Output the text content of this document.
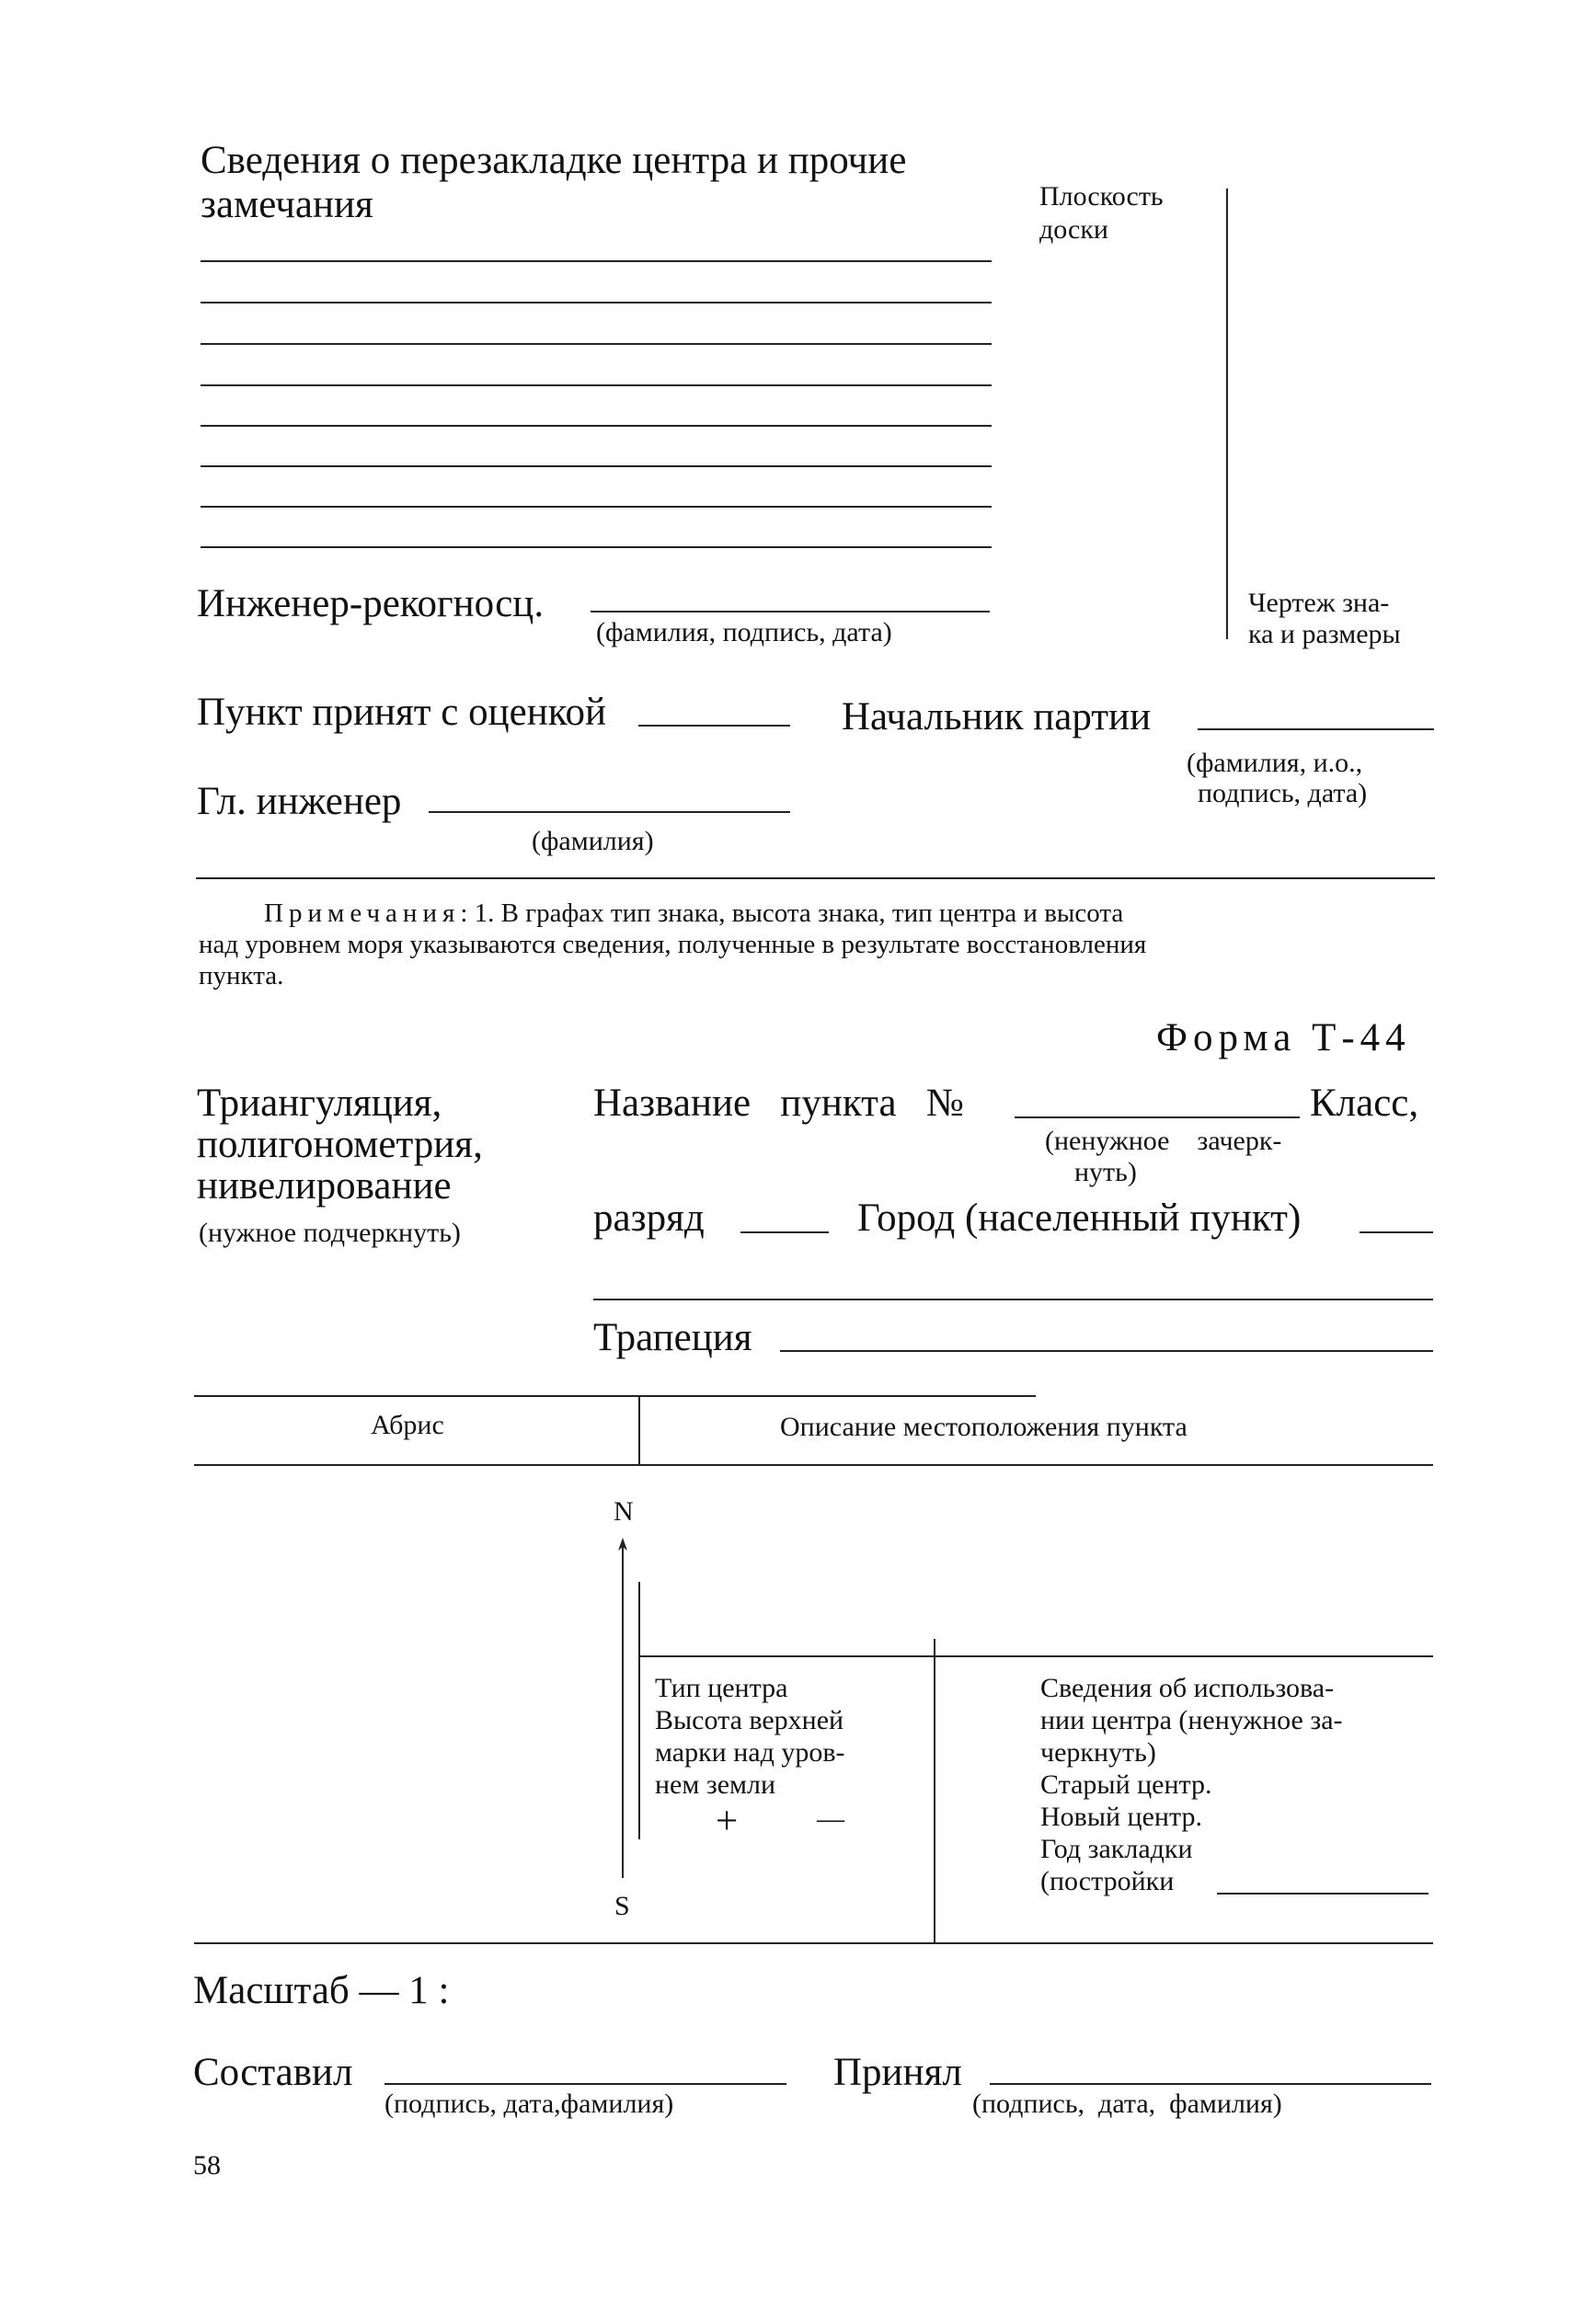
Сведения о перезакладке центра и прочие
замечания	Плоскость
доски
Чертеж зна-
ка и размеры
Инженер-рекогносц.
(фамилия, подпись, дата)
Пункт принят с оценкой	Начальник партии
(фамилия, и.о.,
подпись, дата)
Гл. инженер
(фамилия)
Примечания: 1. В графах тип знака, высота знака, тип центра и высота
над уровнем моря указываются сведения, полученные в результате восстановления
пункта.
Форма Т-44
Триангуляция,
полигонометрия,
нивелирование
(нужное подчеркнуть)
Название   пункта   №	Класс,
(ненужное    зачерк-
нуть)
разряд	Город (населенный пункт)
Трапеция
Абрис	Описание местоположения пункта
N
S
Тип центра
Высота верхней
марки над уров-
нем земли
+	—
Сведения об использова-
нии центра (ненужное за-
черкнуть)
Старый центр.
Новый центр.
Год закладки
(постройки
Масштаб — 1 :
Составил
(подпись, дата,фамилия)
Принял
(подпись,  дата,  фамилия)
58
